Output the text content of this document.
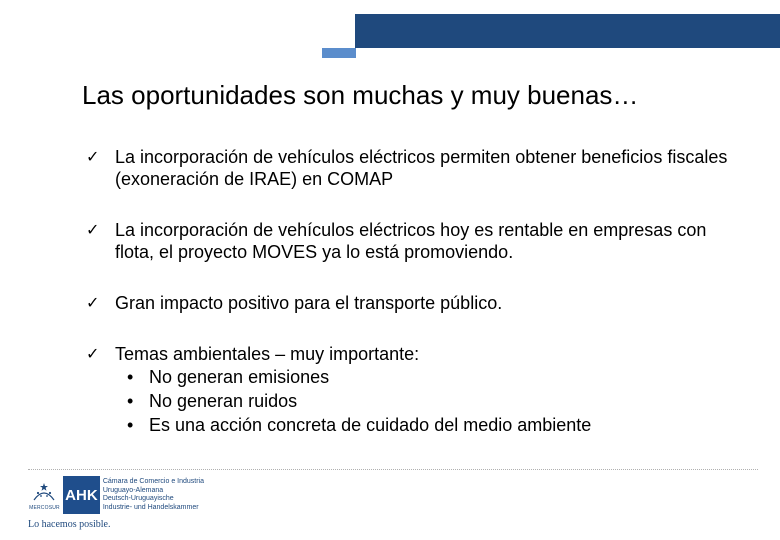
Las oportunidades son muchas y muy buenas…
✓ La incorporación de vehículos eléctricos permiten obtener beneficios fiscales (exoneración de IRAE) en COMAP
✓ La incorporación de vehículos eléctricos hoy es rentable en empresas con flota, el proyecto MOVES ya lo está promoviendo.
✓ Gran impacto positivo para el transporte público.
✓ Temas ambientales – muy importante:
• No generan emisiones
• No generan ruidos
• Es una acción concreta de cuidado del medio ambiente
MERCOSUR
AHK
Cámara de Comercio e Industria
Uruguayo-Alemana
Deutsch-Uruguayische
Industrie- und Handelskammer
Lo hacemos posible.
